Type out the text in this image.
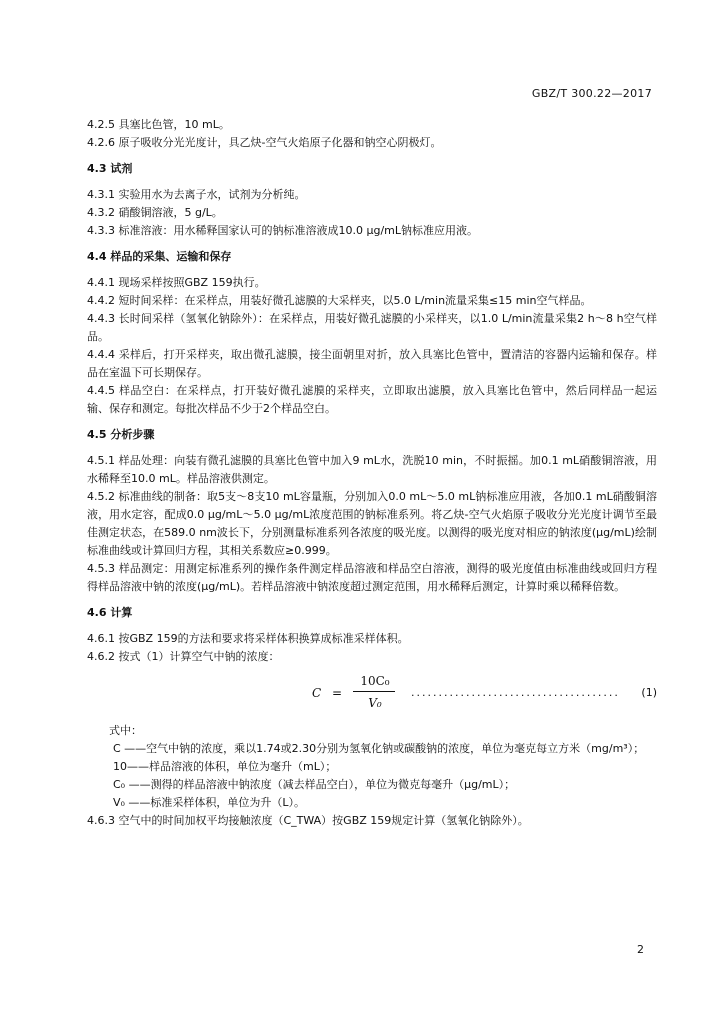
GBZ/T 300.22—2017

4.2.5 具塞比色管，10 mL。

4.2.6 原子吸收分光光度计，具乙炔-空气火焰原子化器和钠空心阴极灯。

4.3 试剂

4.3.1 实验用水为去离子水，试剂为分析纯。

4.3.2 硝酸铜溶液，5 g/L。

4.3.3 标准溶液：用水稀释国家认可的钠标准溶液成10.0 μg/mL钠标准应用液。

4.4 样品的采集、运输和保存

4.4.1 现场采样按照GBZ 159执行。

4.4.2 短时间采样：在采样点，用装好微孔滤膜的大采样夹，以5.0 L/min流量采集≤15 min空气样品。

4.4.3 长时间采样（氢氧化钠除外）：在采样点，用装好微孔滤膜的小采样夹，以1.0 L/min流量采集2 h～8 h空气样品。

4.4.4 采样后，打开采样夹，取出微孔滤膜，接尘面朝里对折，放入具塞比色管中，置清洁的容器内运输和保存。样品在室温下可长期保存。

4.4.5 样品空白：在采样点，打开装好微孔滤膜的采样夹，立即取出滤膜，放入具塞比色管中，然后同样品一起运输、保存和测定。每批次样品不少于2个样品空白。

4.5 分析步骤

4.5.1 样品处理：向装有微孔滤膜的具塞比色管中加入9 mL水，洗脱10 min，不时振摇。加0.1 mL硝酸铜溶液，用水稀释至10.0 mL。样品溶液供测定。

4.5.2 标准曲线的制备：取5支～8支10 mL容量瓶，分别加入0.0 mL～5.0 mL钠标准应用液，各加0.1 mL硝酸铜溶液，用水定容，配成0.0 μg/mL～5.0 μg/mL浓度范围的钠标准系列。将乙炔-空气火焰原子吸收分光光度计调节至最佳测定状态，在589.0 nm波长下，分别测量标准系列各浓度的吸光度。以测得的吸光度对相应的钠浓度(μg/mL)绘制标准曲线或计算回归方程，其相关系数应≥0.999。

4.5.3 样品测定：用测定标准系列的操作条件测定样品溶液和样品空白溶液，测得的吸光度值由标准曲线或回归方程得样品溶液中钠的浓度(μg/mL)。若样品溶液中钠浓度超过测定范围，用水稀释后测定，计算时乘以稀释倍数。

4.6 计算

4.6.1 按GBZ 159的方法和要求将采样体积换算成标准采样体积。

4.6.2 按式（1）计算空气中钠的浓度：

C =
10C₀
V₀
...................................... (1)

式中：

C ——空气中钠的浓度，乘以1.74或2.30分别为氢氧化钠或碳酸钠的浓度，单位为毫克每立方米（mg/m³）；

10——样品溶液的体积，单位为毫升（mL）；

C₀ ——测得的样品溶液中钠浓度（减去样品空白），单位为微克每毫升（μg/mL）；

V₀ ——标准采样体积，单位为升（L）。

4.6.3 空气中的时间加权平均接触浓度（C_TWA）按GBZ 159规定计算（氢氧化钠除外）。

2
